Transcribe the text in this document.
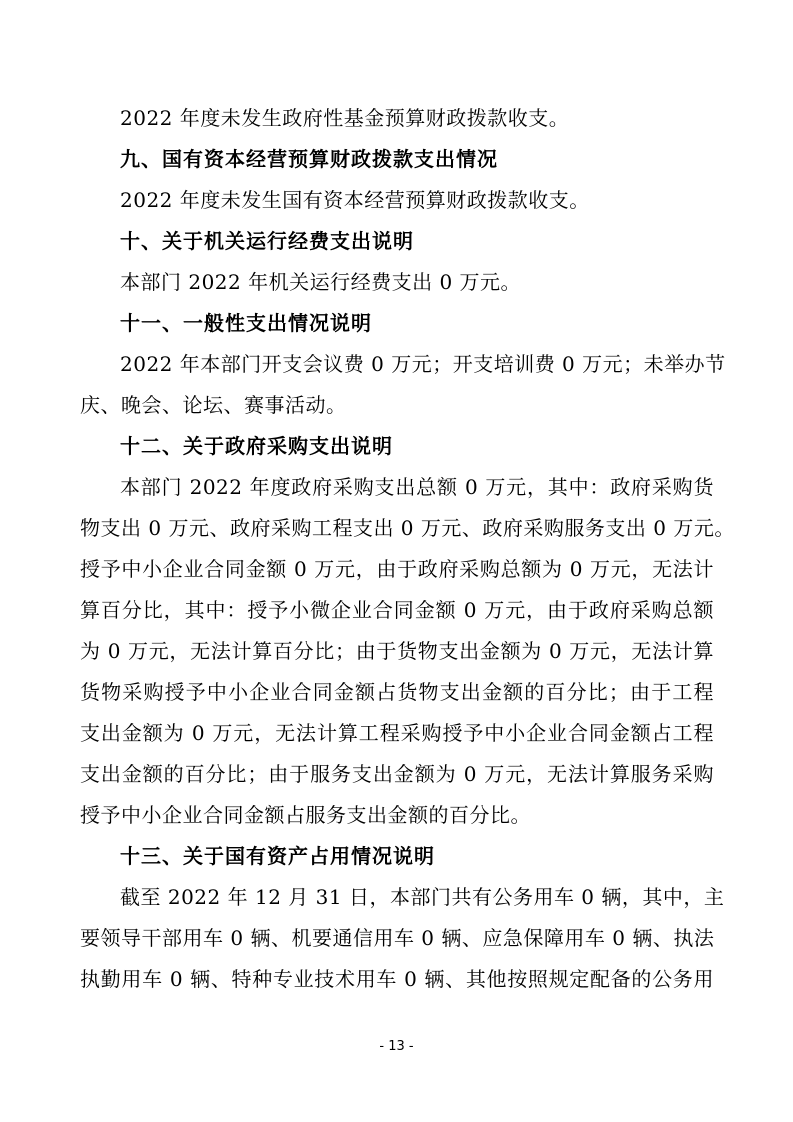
2022 年度未发生政府性基金预算财政拨款收支。
九、国有资本经营预算财政拨款支出情况
2022 年度未发生国有资本经营预算财政拨款收支。
十、关于机关运行经费支出说明
本部门 2022 年机关运行经费支出 0 万元。
十一、一般性支出情况说明
2022 年本部门开支会议费 0 万元；开支培训费 0 万元；未举办节
庆、晚会、论坛、赛事活动。
十二、关于政府采购支出说明
本部门 2022 年度政府采购支出总额 0 万元，其中：政府采购货
物支出 0 万元、政府采购工程支出 0 万元、政府采购服务支出 0 万元。
授予中小企业合同金额 0 万元，由于政府采购总额为 0 万元，无法计
算百分比，其中：授予小微企业合同金额 0 万元，由于政府采购总额
为 0 万元，无法计算百分比；由于货物支出金额为 0 万元，无法计算
货物采购授予中小企业合同金额占货物支出金额的百分比；由于工程
支出金额为 0 万元，无法计算工程采购授予中小企业合同金额占工程
支出金额的百分比；由于服务支出金额为 0 万元，无法计算服务采购
授予中小企业合同金额占服务支出金额的百分比。
十三、关于国有资产占用情况说明
截至 2022 年 12 月 31 日，本部门共有公务用车 0 辆，其中，主
要领导干部用车 0 辆、机要通信用车 0 辆、应急保障用车 0 辆、执法
执勤用车 0 辆、特种专业技术用车 0 辆、其他按照规定配备的公务用
- 13 -
